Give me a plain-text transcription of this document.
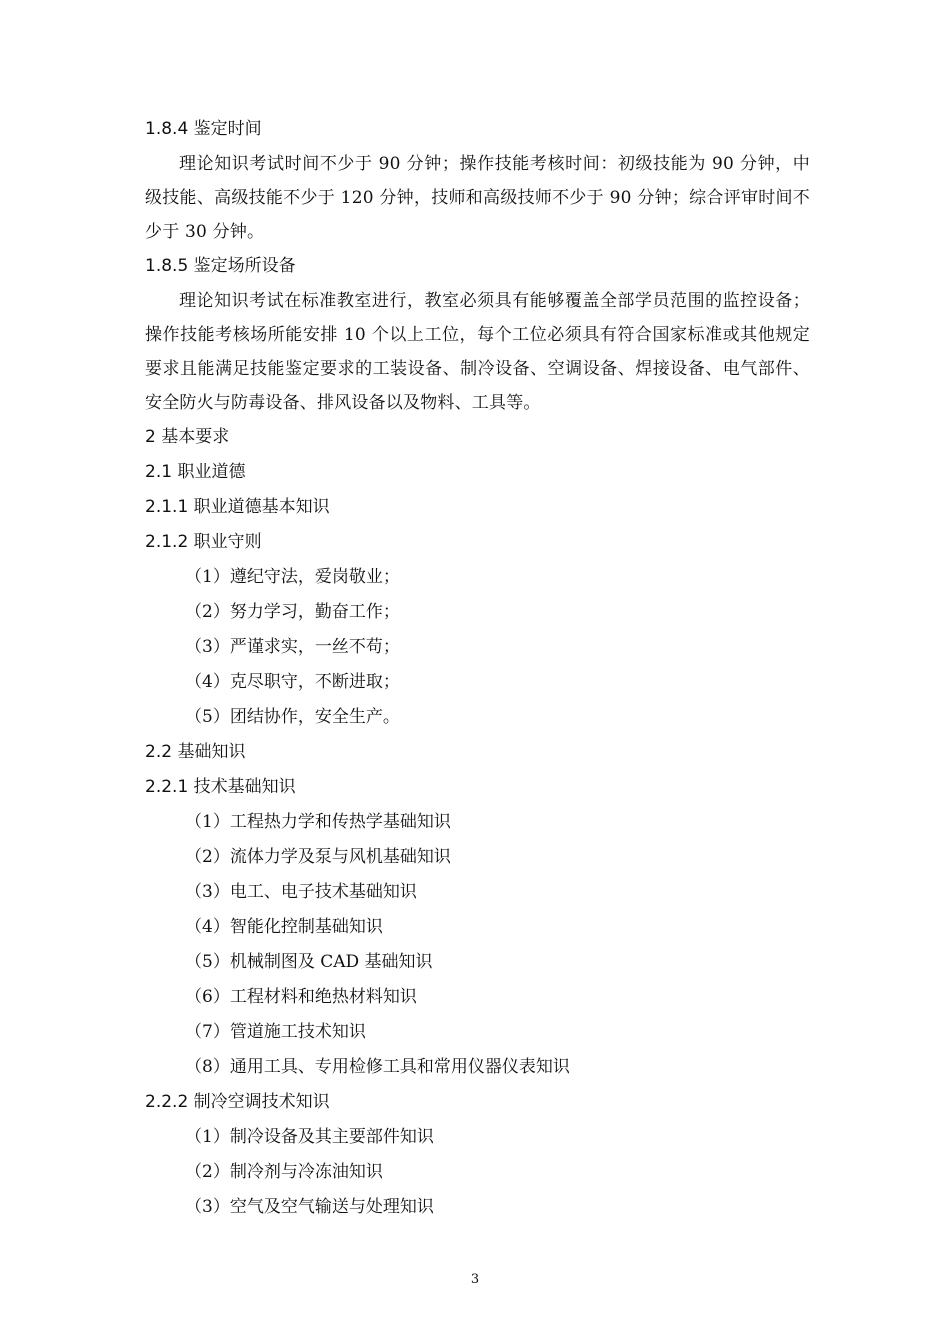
1.8.4 鉴定时间
理论知识考试时间不少于 90 分钟；操作技能考核时间：初级技能为 90 分钟，中级技能、高级技能不少于 120 分钟，技师和高级技师不少于 90 分钟；综合评审时间不少于 30 分钟。
1.8.5 鉴定场所设备
理论知识考试在标准教室进行，教室必须具有能够覆盖全部学员范围的监控设备；操作技能考核场所能安排 10 个以上工位，每个工位必须具有符合国家标准或其他规定要求且能满足技能鉴定要求的工装设备、制冷设备、空调设备、焊接设备、电气部件、安全防火与防毒设备、排风设备以及物料、工具等。
2 基本要求
2.1 职业道德
2.1.1 职业道德基本知识
2.1.2 职业守则
（1）遵纪守法，爱岗敬业；
（2）努力学习，勤奋工作；
（3）严谨求实，一丝不苟；
（4）克尽职守，不断进取；
（5）团结协作，安全生产。
2.2 基础知识
2.2.1 技术基础知识
（1）工程热力学和传热学基础知识
（2）流体力学及泵与风机基础知识
（3）电工、电子技术基础知识
（4）智能化控制基础知识
（5）机械制图及 CAD 基础知识
（6）工程材料和绝热材料知识
（7）管道施工技术知识
（8）通用工具、专用检修工具和常用仪器仪表知识
2.2.2 制冷空调技术知识
（1）制冷设备及其主要部件知识
（2）制冷剂与冷冻油知识
（3）空气及空气输送与处理知识
3
